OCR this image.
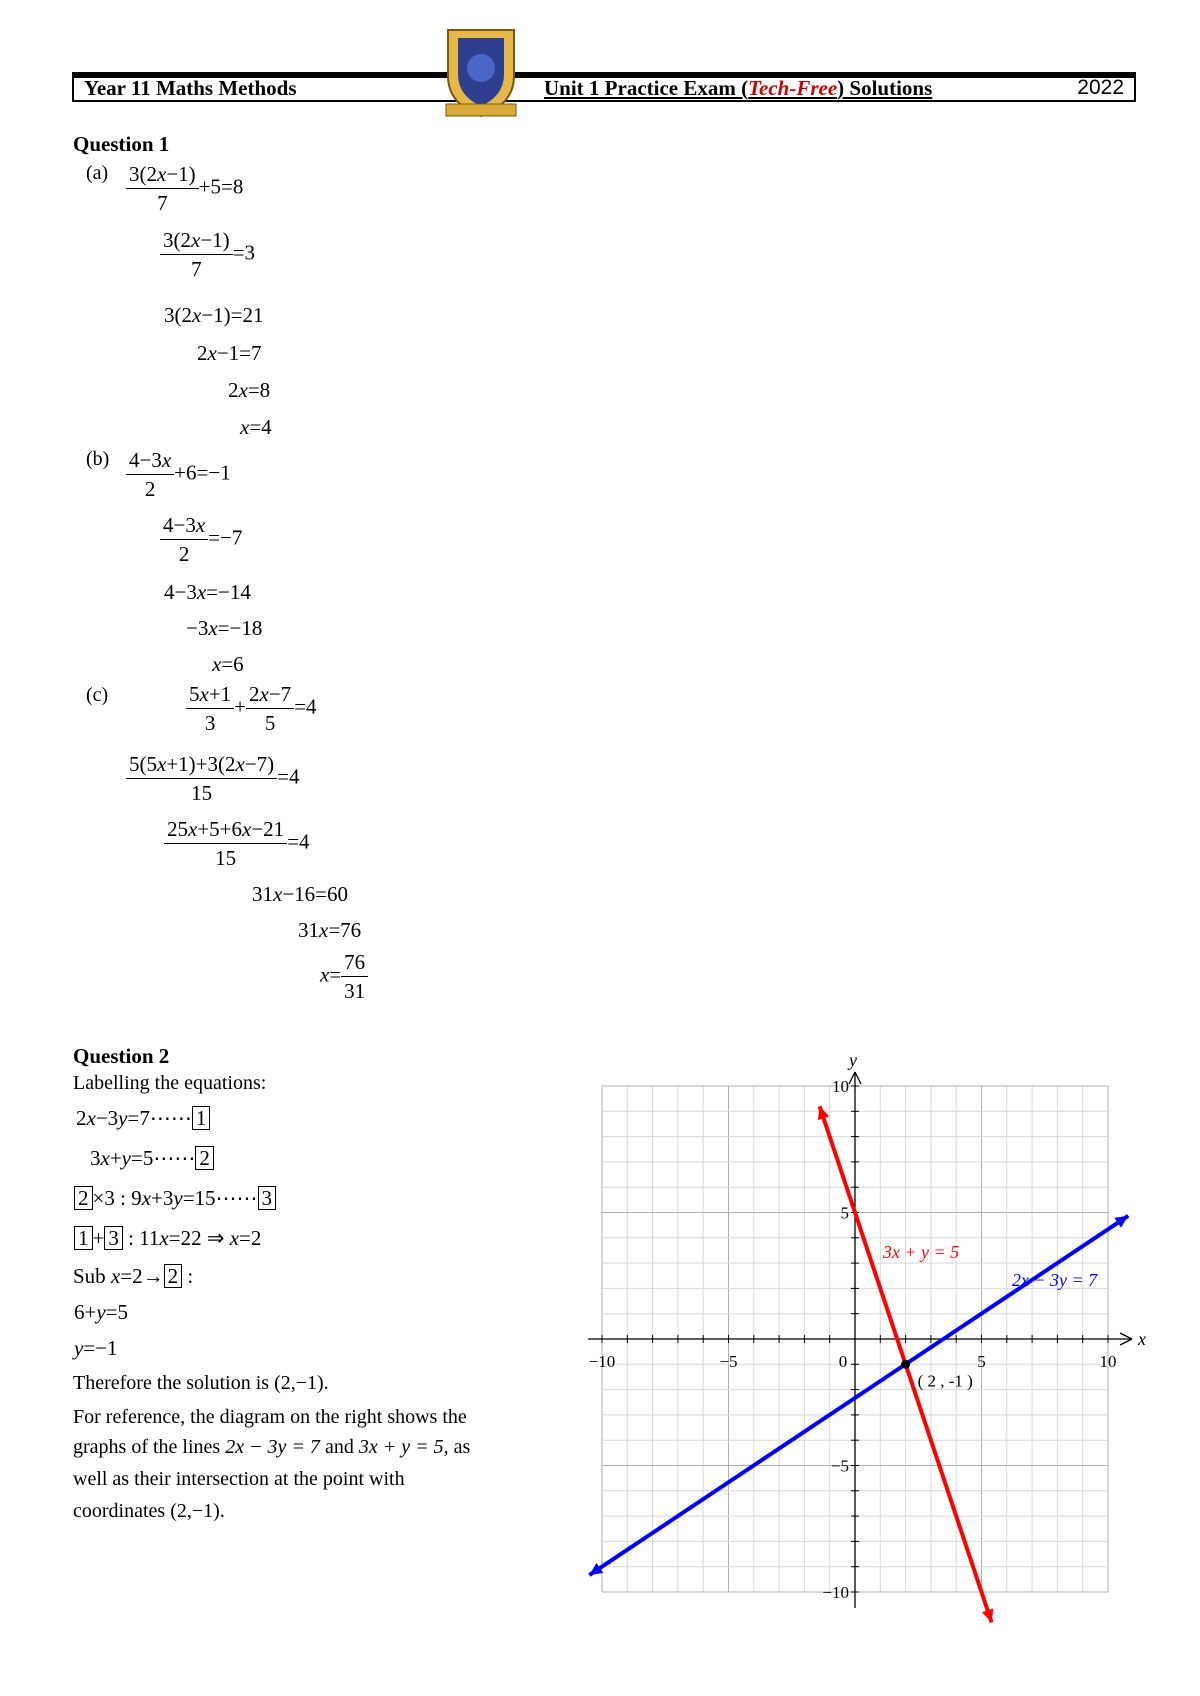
Year 11 Maths Methods	Unit 1 Practice Exam (Tech-Free) Solutions	2022
Question 1
$(a) \frac{3(2x-1)}{7} +5=8$
$\frac{3(2x-1)}{7} =3$
3(2x−1)=21
2x−1=7
2x=8
x=4
$(b) \frac{4-3x}{2} +6=-1$
$\frac{4-3x}{2} =-7$
4−3x=−14
−3x=−18
x=6
(c)	$\frac{5x+1}{3} + \frac{2x-7}{5} =4$
$\frac{5(5x+1)+3(2x-7)}{15} =4$
$\frac{25x+5+6x-21}{15} =4$
31x−16=60
31x=76
$x= \frac{76}{31}$
Question 2
Labelling the equations:
2x−3y=7⋯⋯ 1
3x+y=5⋯⋯ 2
2 ×3 : 9x+3y=15⋯⋯ 3
1 + 3 : 11x=22 ⇒ x=2
Sub x=2→ 2 :
6+y=5
y=−1
Therefore the solution is (2,−1).
For reference, the diagram on the right shows the
graphs of the lines 2x − 3y = 7 and 3x + y = 5, as
well as their intersection at the point with
coordinates (2,−1).
−10	−5	0	5	10
10
5
−5
−10
x
y
3x + y = 5
2x − 3y = 7
( 2 , -1 )
